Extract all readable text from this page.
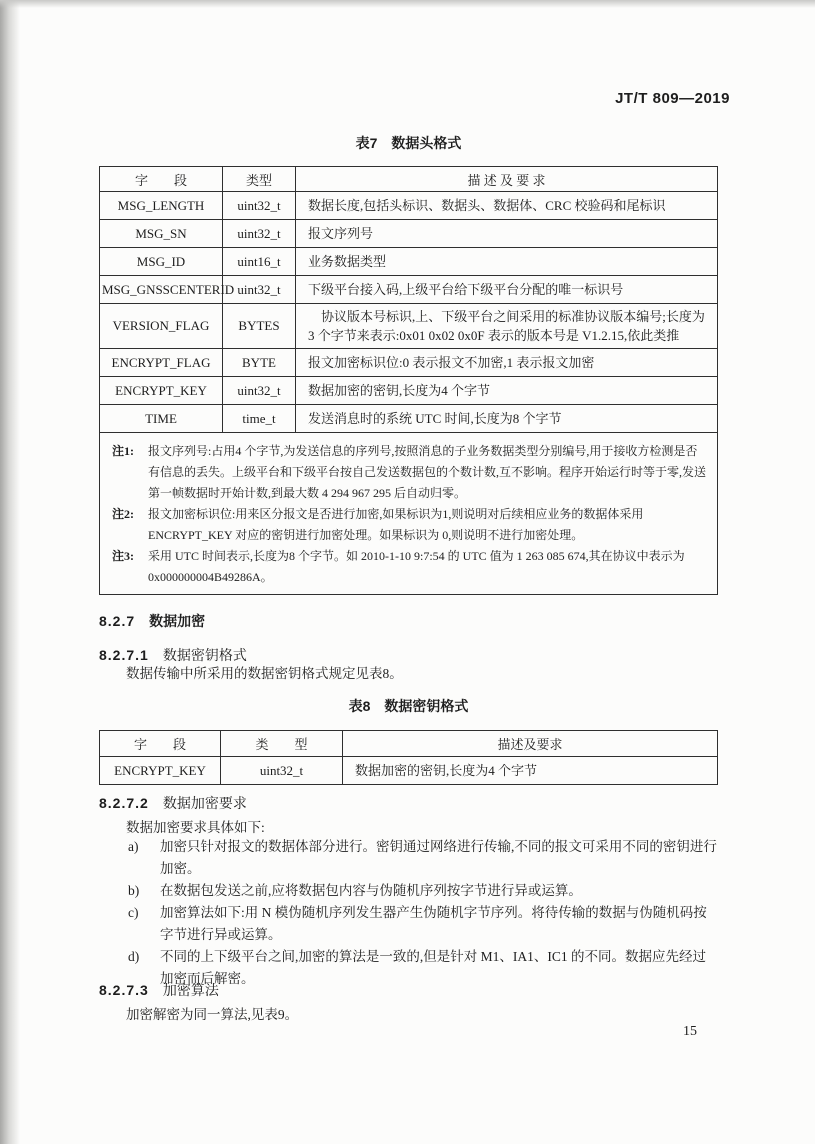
JT/T 809—2019
表7　数据头格式
字　　段	类型	描 述 及 要 求
MSG_LENGTH	uint32_t	数据长度,包括头标识、数据头、数据体、CRC 校验码和尾标识
MSG_SN	uint32_t	报文序列号
MSG_ID	uint16_t	业务数据类型
MSG_GNSSCENTERID	uint32_t	下级平台接入码,上级平台给下级平台分配的唯一标识号
VERSION_FLAG	BYTES	协议版本号标识,上、下级平台之间采用的标准协议版本编号;长度为3 个字节来表示:0x01 0x02 0x0F 表示的版本号是 V1.2.15,依此类推
ENCRYPT_FLAG	BYTE	报文加密标识位:0 表示报文不加密,1 表示报文加密
ENCRYPT_KEY	uint32_t	数据加密的密钥,长度为4 个字节
TIME	time_t	发送消息时的系统 UTC 时间,长度为8 个字节

注1:	报文序列号:占用4 个字节,为发送信息的序列号,按照消息的子业务数据类型分别编号,用于接收方检测是否有信息的丢失。上级平台和下级平台按自己发送数据包的个数计数,互不影响。程序开始运行时等于零,发送第一帧数据时开始计数,到最大数 4 294 967 295 后自动归零。
注2:	报文加密标识位:用来区分报文是否进行加密,如果标识为1,则说明对后续相应业务的数据体采用 ENCRYPT_KEY 对应的密钥进行加密处理。如果标识为 0,则说明不进行加密处理。
注3:	采用 UTC 时间表示,长度为8 个字节。如 2010-1-10 9:7:54 的 UTC 值为 1 263 085 674,其在协议中表示为 0x000000004B49286A。
8.2.7 数据加密
8.2.7.1 数据密钥格式
数据传输中所采用的数据密钥格式规定见表8。
表8　数据密钥格式
字　　段	类　　型	描述及要求
ENCRYPT_KEY	uint32_t	数据加密的密钥,长度为4 个字节
8.2.7.2 数据加密要求
数据加密要求具体如下:
a)	加密只针对报文的数据体部分进行。密钥通过网络进行传输,不同的报文可采用不同的密钥进行加密。
b)	在数据包发送之前,应将数据包内容与伪随机序列按字节进行异或运算。
c)	加密算法如下:用 N 模伪随机序列发生器产生伪随机字节序列。将待传输的数据与伪随机码按字节进行异或运算。
d)	不同的上下级平台之间,加密的算法是一致的,但是针对 M1、IA1、IC1 的不同。数据应先经过加密而后解密。
8.2.7.3 加密算法
加密解密为同一算法,见表9。
15
